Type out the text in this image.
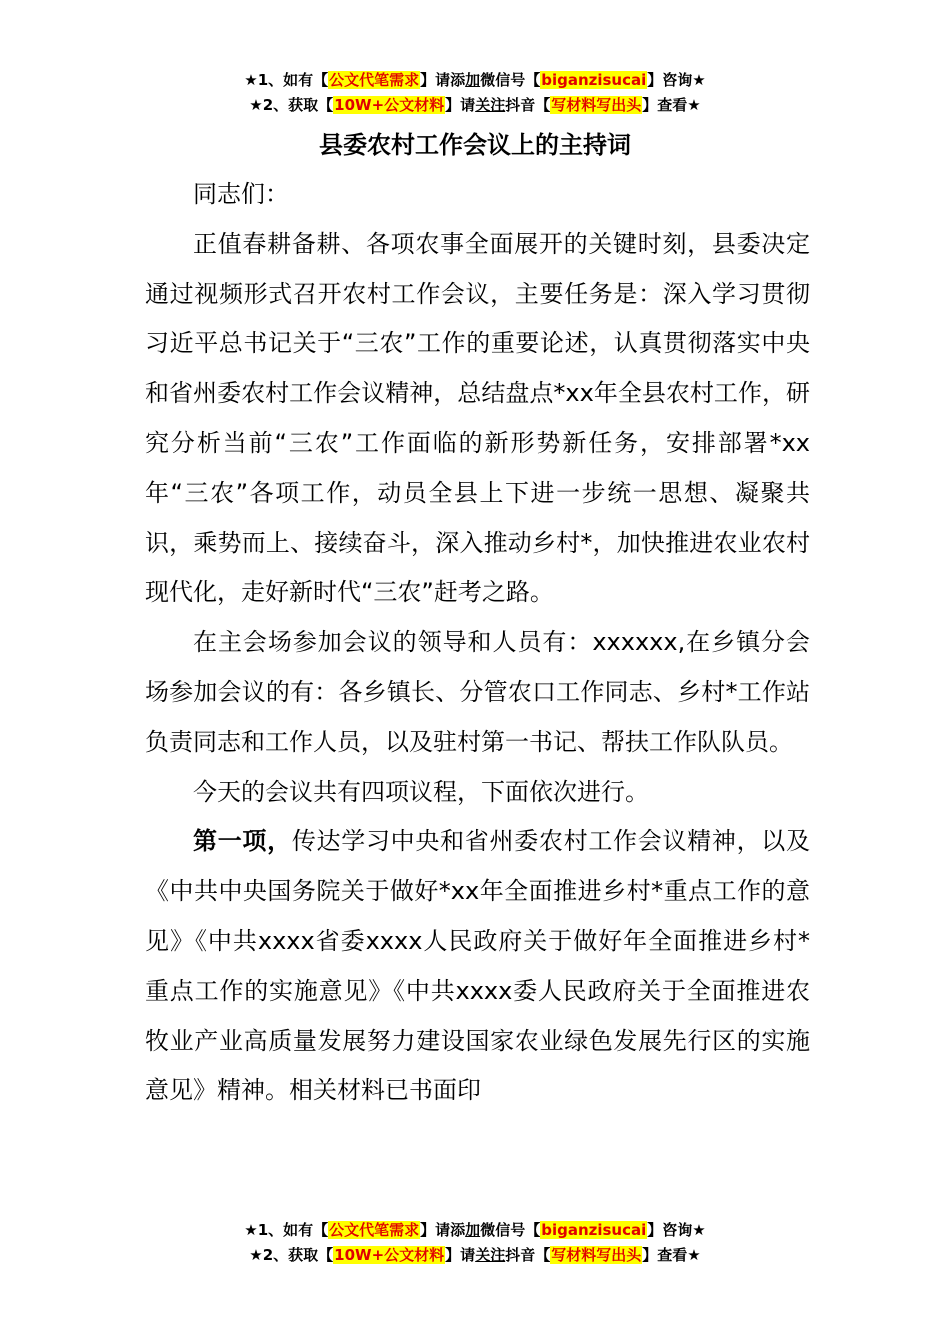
★1、如有【公文代笔需求】请添加微信号【biganzisucai】咨询★
★2、获取【10W+公文材料】请关注抖音【写材料写出头】查看★
县委农村工作会议上的主持词

同志们：

正值春耕备耕、各项农事全面展开的关键时刻，县委决定通过视频形式召开农村工作会议，主要任务是：深入学习贯彻习近平总书记关于“三农”工作的重要论述，认真贯彻落实中央和省州委农村工作会议精神，总结盘点*xx年全县农村工作，研究分析当前“三农”工作面临的新形势新任务，安排部署*xx年“三农”各项工作，动员全县上下进一步统一思想、凝聚共识，乘势而上、接续奋斗，深入推动乡村*，加快推进农业农村现代化，走好新时代“三农”赶考之路。

在主会场参加会议的领导和人员有：xxxxxx,在乡镇分会场参加会议的有：各乡镇长、分管农口工作同志、乡村*工作站负责同志和工作人员，以及驻村第一书记、帮扶工作队队员。

今天的会议共有四项议程，下面依次进行。

第一项，传达学习中央和省州委农村工作会议精神，以及《中共中央国务院关于做好*xx年全面推进乡村*重点工作的意见》《中共xxxx省委xxxx人民政府关于做好年全面推进乡村*重点工作的实施意见》《中共xxxx委人民政府关于全面推进农牧业产业高质量发展努力建设国家农业绿色发展先行区的实施意见》精神。相关材料已书面印

★1、如有【公文代笔需求】请添加微信号【biganzisucai】咨询★
★2、获取【10W+公文材料】请关注抖音【写材料写出头】查看★
